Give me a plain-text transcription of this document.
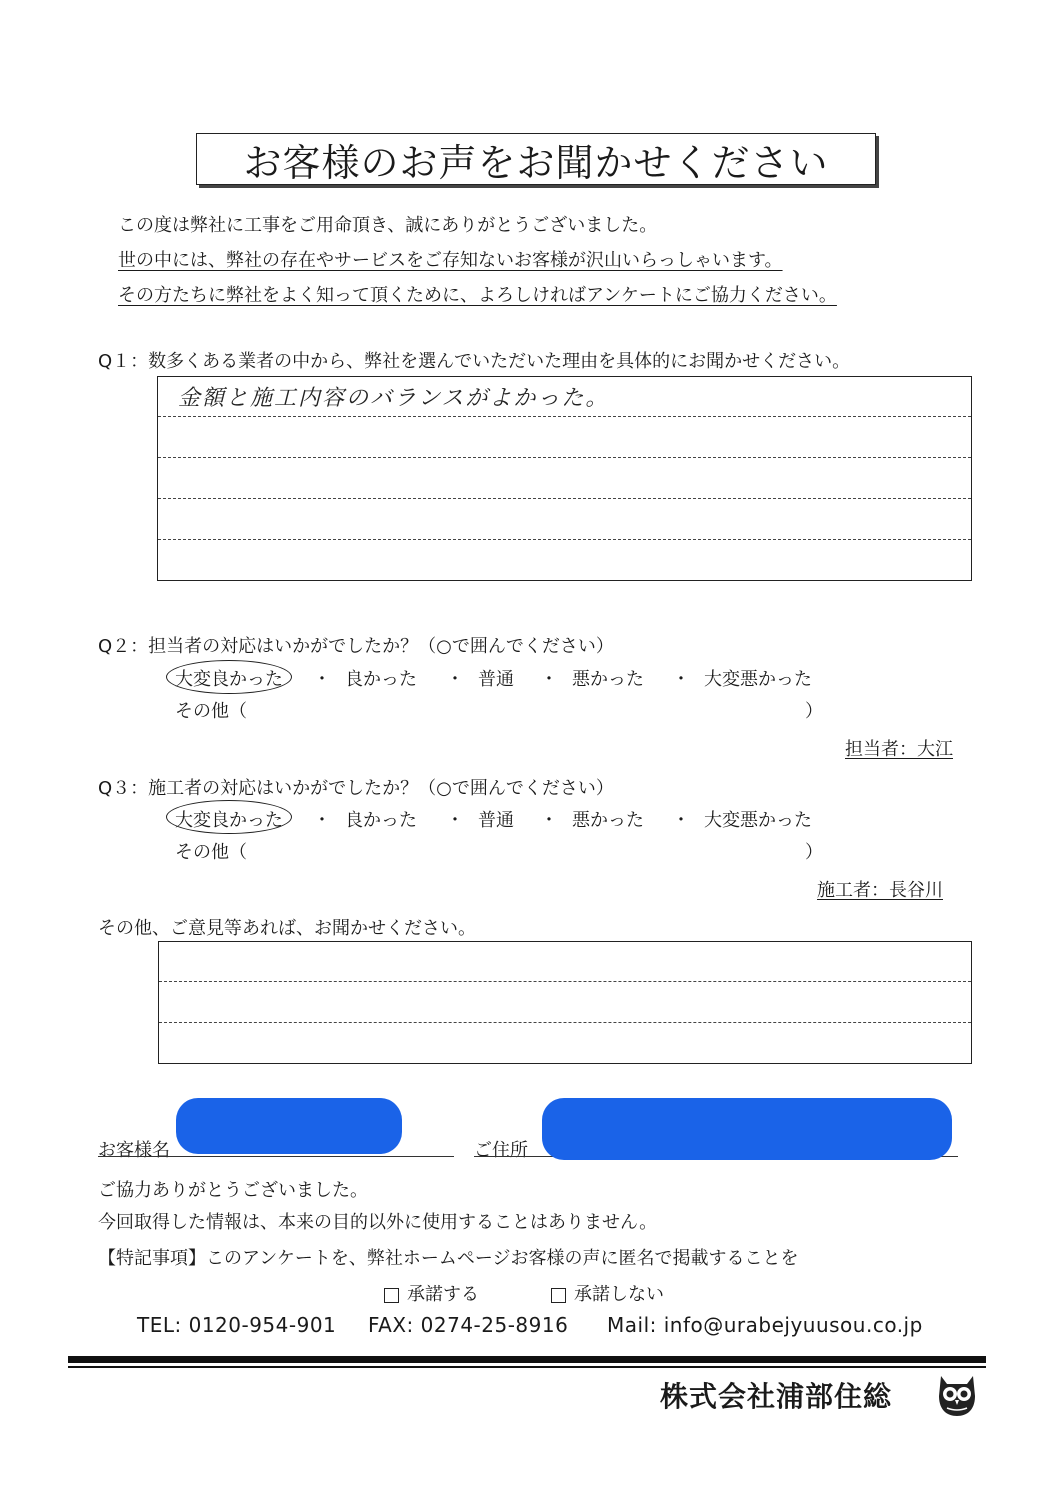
お客様のお声をお聞かせください
この度は弊社に工事をご用命頂き、誠にありがとうございました。
世の中には、弊社の存在やサービスをご存知ないお客様が沢山いらっしゃいます。
その方たちに弊社をよく知って頂くために、よろしければアンケートにご協力ください。
Q１：数多くある業者の中から、弊社を選んでいただいた理由を具体的にお聞かせください。
金額と施工内容のバランスがよかった。
Q２：担当者の対応はいかがでしたか？（○で囲んでください）
大変良かった ・ 良かった ・ 普通 ・ 悪かった ・ 大変悪かった
その他（	）
担当者：大江
Q３：施工者の対応はいかがでしたか？（○で囲んでください）
大変良かった ・ 良かった ・ 普通 ・ 悪かった ・ 大変悪かった
その他（	）
施工者：長谷川
その他、ご意見等あれば、お聞かせください。
お客様名	ご住所
ご協力ありがとうございました。
今回取得した情報は、本来の目的以外に使用することはありません。
【特記事項】このアンケートを、弊社ホームページお客様の声に匿名で掲載することを
承諾する	承諾しない
TEL: 0120-954-901 FAX: 0274-25-8916 Mail: info@urabejyuusou.co.jp
株式会社浦部住総
